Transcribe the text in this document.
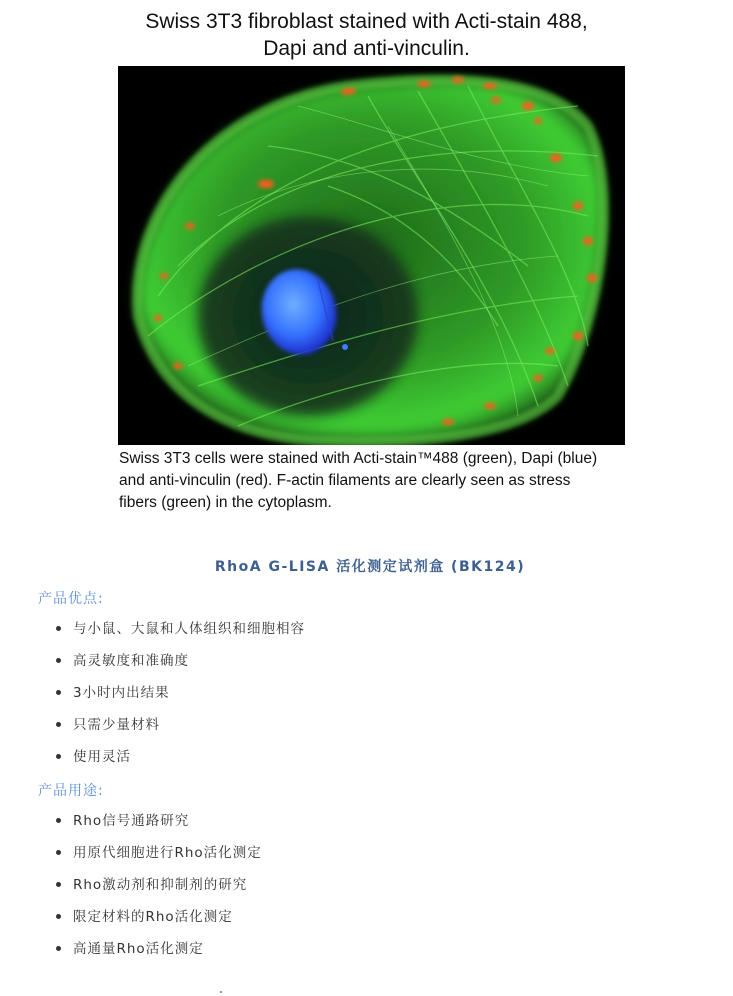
Swiss 3T3 fibroblast stained with Acti-stain 488,
Dapi and anti-vinculin.
Swiss 3T3 cells were stained with Acti-stain™488 (green), Dapi (blue)
and anti-vinculin (red). F-actin filaments are clearly seen as stress
fibers (green) in the cytoplasm.
RhoA G-LISA 活化测定试剂盒 (BK124)
产品优点:
与小鼠、大鼠和人体组织和细胞相容
高灵敏度和准确度
3小时内出结果
只需少量材料
使用灵活
产品用途:
Rho信号通路研究
用原代细胞进行Rho活化测定
Rho激动剂和抑制剂的研究
限定材料的Rho活化测定
高通量Rho活化测定
